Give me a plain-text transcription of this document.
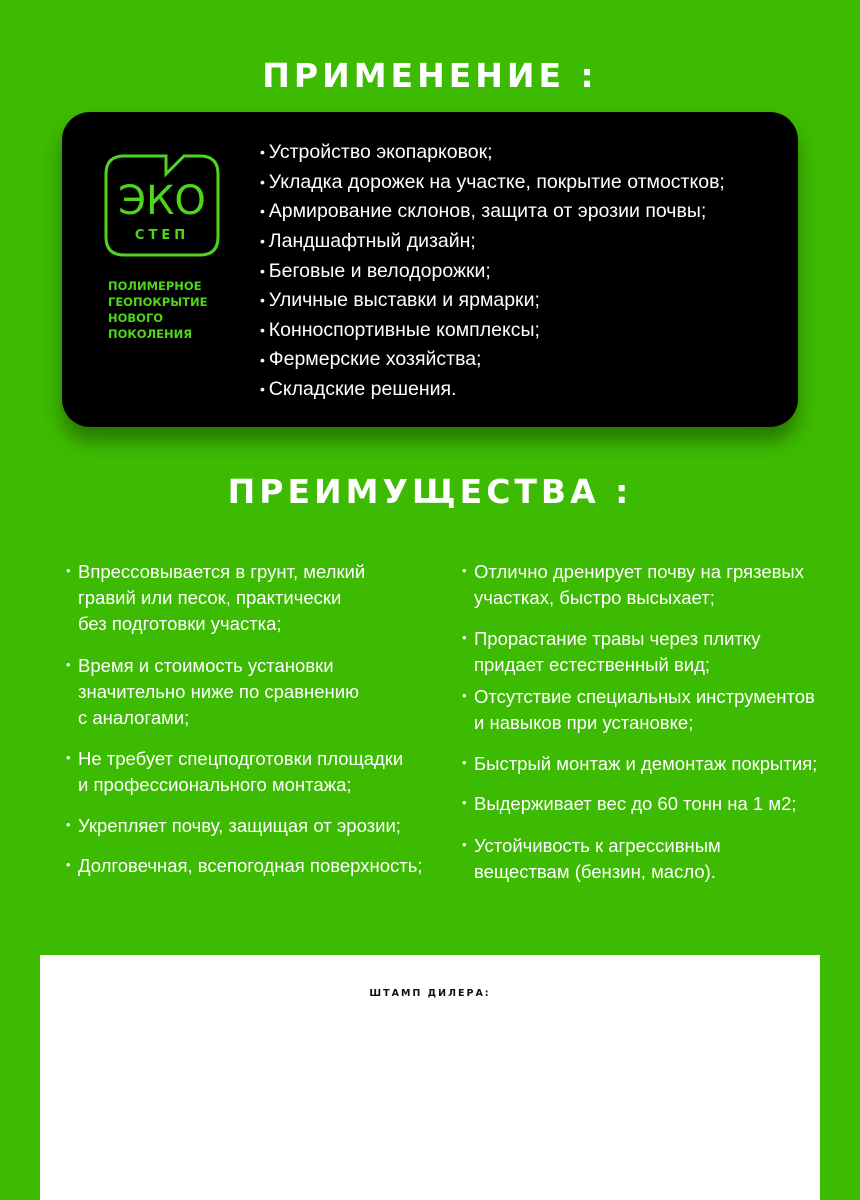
ПРИМЕНЕНИЕ :
ЭКО
СТЕП
ПОЛИМЕРНОЕ
ГЕОПОКРЫТИЕ
НОВОГО
ПОКОЛЕНИЯ
• Устройство экопарковок;
• Укладка дорожек на участке, покрытие отмостков;
• Армирование склонов, защита от эрозии почвы;
• Ландшафтный дизайн;
• Беговые и велодорожки;
• Уличные выставки и ярмарки;
• Конноспортивные комплексы;
• Фермерские хозяйства;
• Складские решения.
ПРЕИМУЩЕСТВА :
• Впрессовывается в грунт, мелкий
гравий или песок, практически
без подготовки участка;
• Время и стоимость установки
значительно ниже по сравнению
с аналогами;
• Не требует спецподготовки площадки
и профессионального монтажа;
• Укрепляет почву, защищая от эрозии;
• Долговечная, всепогодная поверхность;
• Отлично дренирует почву на грязевых
участках, быстро высыхает;
• Прорастание травы через плитку
придает естественный вид;
• Отсутствие специальных инструментов
и навыков при установке;
• Быстрый монтаж и демонтаж покрытия;
• Выдерживает вес до 60 тонн на 1 м2;
• Устойчивость к агрессивным
веществам (бензин, масло).
ШТАМП ДИЛЕРА:
